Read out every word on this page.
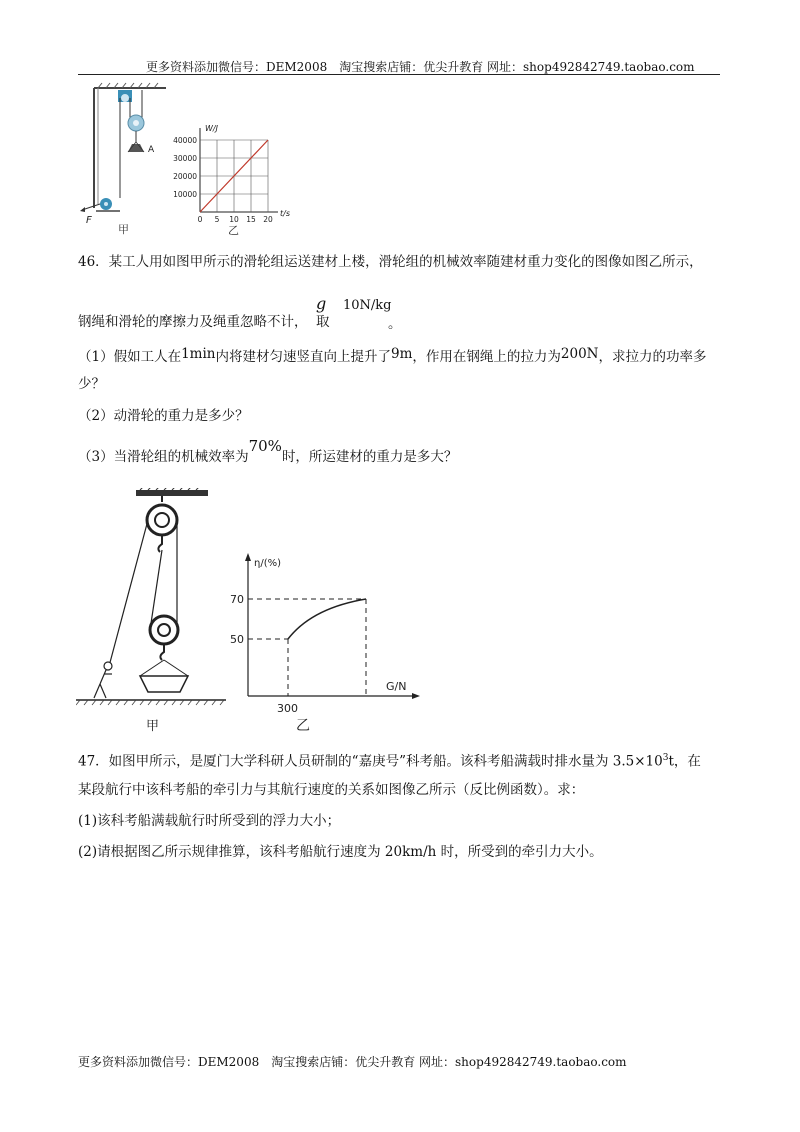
更多资料添加微信号：DEM2008　淘宝搜索店铺：优尖升教育 网址：shop492842749.taobao.com
A
F
甲
W/J
t/s
40000
30000
20000
10000
0 5 10 15 20
乙
46．某工人用如图甲所示的滑轮组运送建材上楼，滑轮组的机械效率随建材重力变化的图像如图乙所示，
钢绳和滑轮的摩擦力及绳重忽略不计，
g
取
10N/kg
。
（1）假如工人在1min内将建材匀速竖直向上提升了9m，作用在钢绳上的拉力为200N，求拉力的功率多
少？
（2）动滑轮的重力是多少？
（3）当滑轮组的机械效率为70%时，所运建材的重力是多大？
甲
η/(%)
G/N
70
50
300
乙
47．如图甲所示，是厦门大学科研人员研制的“嘉庚号”科考船。该科考船满载时排水量为 $3.5\times 10^3t$，在
某段航行中该科考船的牵引力与其航行速度的关系如图像乙所示（反比例函数）。求：
(1)该科考船满载航行时所受到的浮力大小；
(2)请根据图乙所示规律推算，该科考船航行速度为 20km/h 时，所受到的牵引力大小。
更多资料添加微信号：DEM2008　淘宝搜索店铺：优尖升教育 网址：shop492842749.taobao.com
